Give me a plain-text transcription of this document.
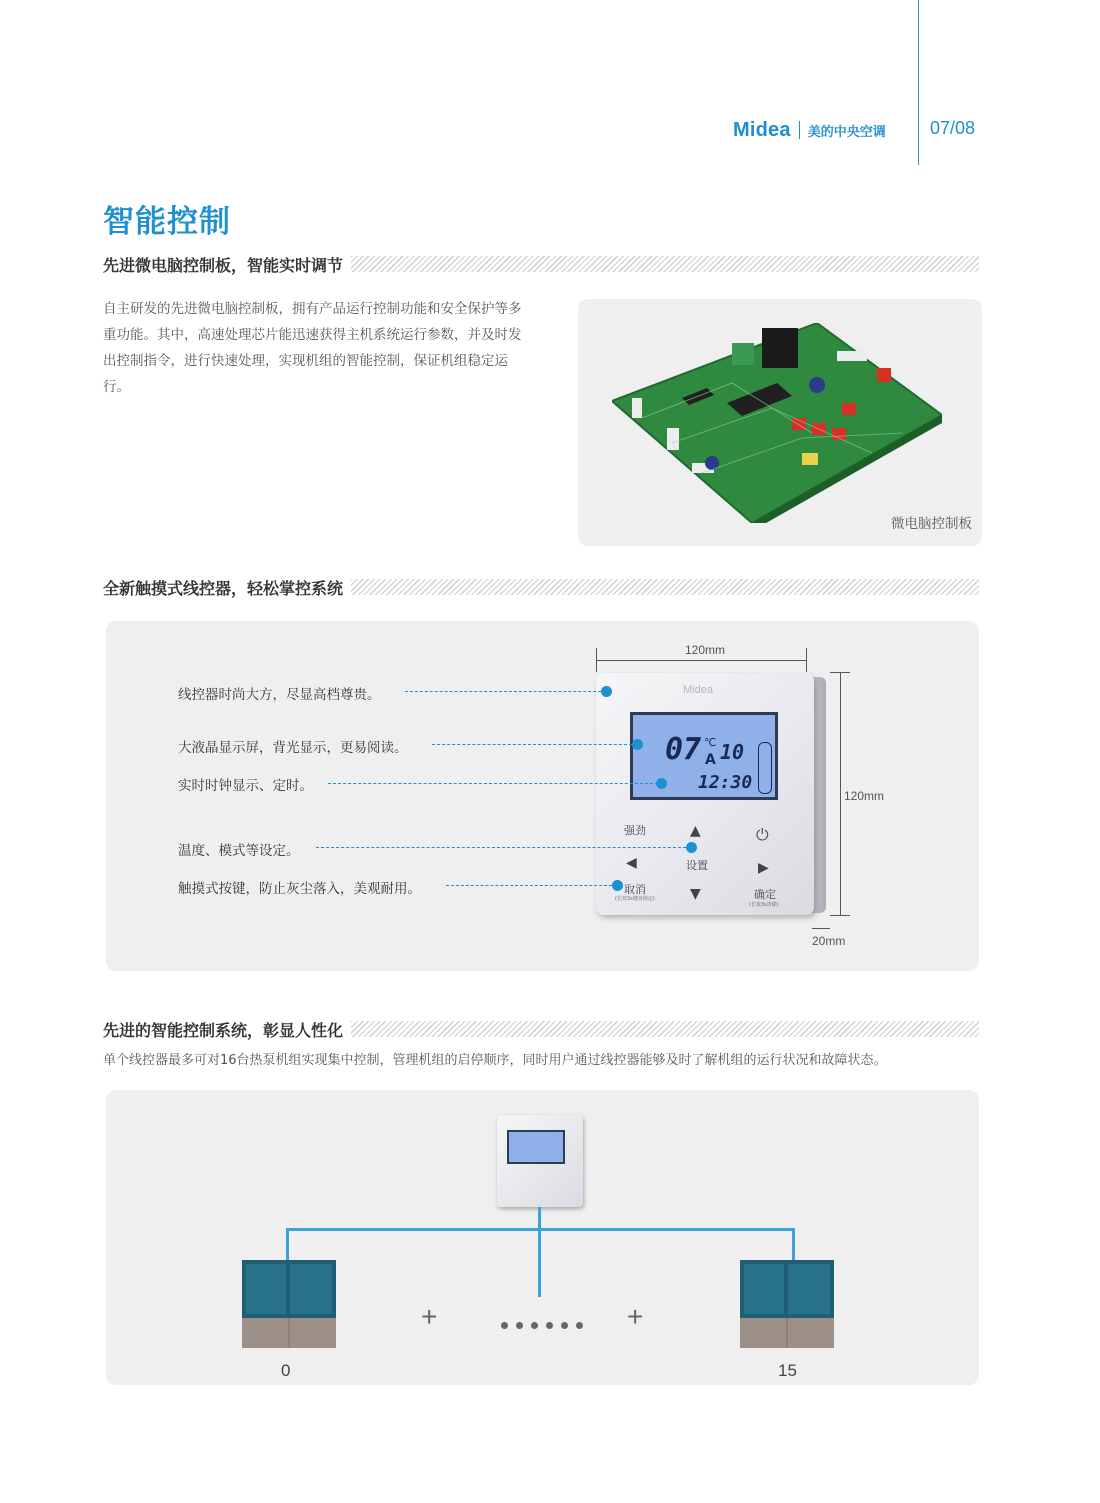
Midea 美的中央空调 07/08
智能控制
先进微电脑控制板，智能实时调节
自主研发的先进微电脑控制板，拥有产品运行控制功能和安全保护等多重功能。其中，高速处理芯片能迅速获得主机系统运行参数，并及时发出控制指令，进行快速处理，实现机组的智能控制，保证机组稳定运行。
微电脑控制板
全新触摸式线控器，轻松掌控系统
120mm
120mm
20mm
Midea
07 ℃
A 10
12:30
强劲	▲	⏻
◀	设置	▶
取消
(长按3s键盘锁定)	▼	确定
(长按3s清除)
线控器时尚大方，尽显高档尊贵。
大液晶显示屏，背光显示，更易阅读。
实时时钟显示、定时。
温度、模式等设定。
触摸式按键，防止灰尘落入，美观耐用。
先进的智能控制系统，彰显人性化
单个线控器最多可对16台热泵机组实现集中控制，管理机组的启停顺序，同时用户通过线控器能够及时了解机组的运行状况和故障状态。
+	+
0	15
